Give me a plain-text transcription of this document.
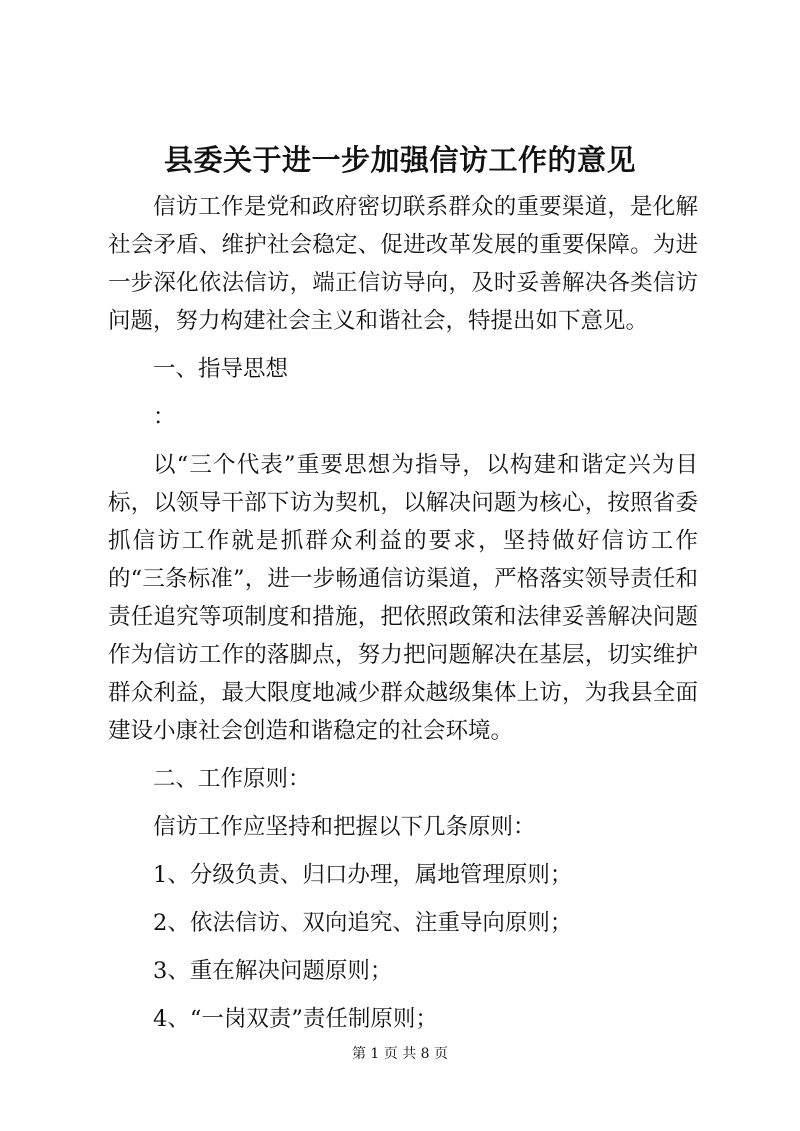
县委关于进一步加强信访工作的意见

信访工作是党和政府密切联系群众的重要渠道，是化解社会矛盾、维护社会稳定、促进改革发展的重要保障。为进一步深化依法信访，端正信访导向，及时妥善解决各类信访问题，努力构建社会主义和谐社会，特提出如下意见。

一、指导思想

：

以“三个代表”重要思想为指导，以构建和谐定兴为目标，以领导干部下访为契机，以解决问题为核心，按照省委抓信访工作就是抓群众利益的要求，坚持做好信访工作的“三条标准”，进一步畅通信访渠道，严格落实领导责任和责任追究等项制度和措施，把依照政策和法律妥善解决问题作为信访工作的落脚点，努力把问题解决在基层，切实维护群众利益，最大限度地减少群众越级集体上访，为我县全面建设小康社会创造和谐稳定的社会环境。

二、工作原则：

信访工作应坚持和把握以下几条原则：

1、分级负责、归口办理，属地管理原则；

2、依法信访、双向追究、注重导向原则；

3、重在解决问题原则；

4、“一岗双责”责任制原则；

第 1 页 共 8 页
